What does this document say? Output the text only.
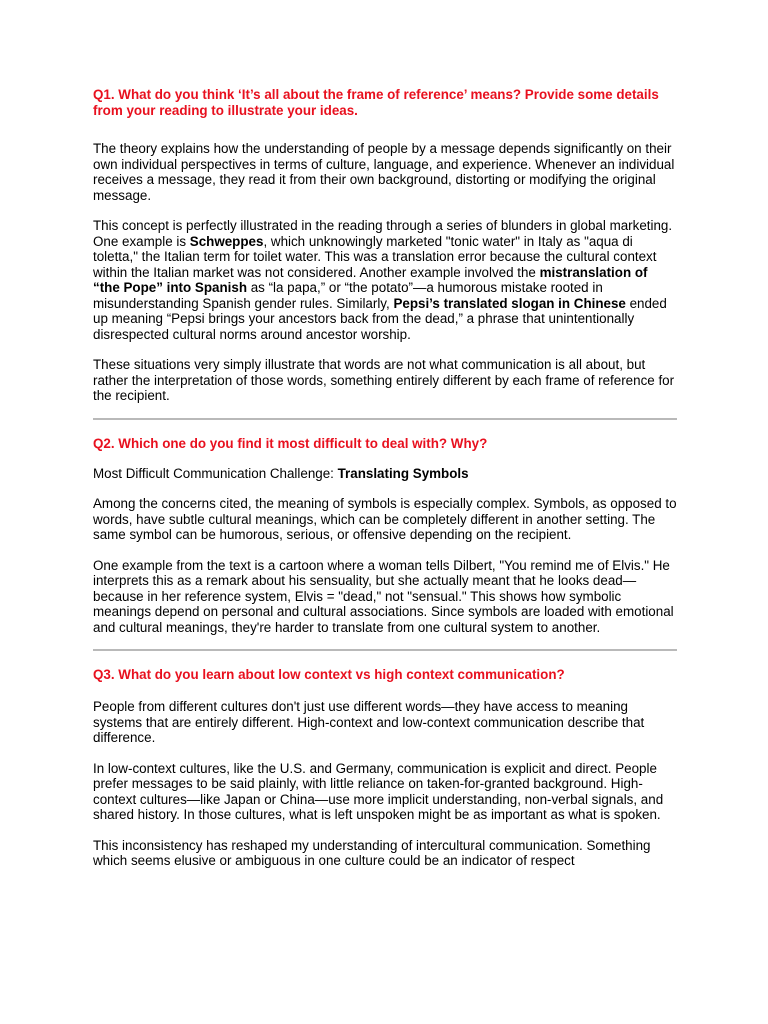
Q1. What do you think ‘It’s all about the frame of reference’ means? Provide some details from your reading to illustrate your ideas.

The theory explains how the understanding of people by a message depends significantly on their own individual perspectives in terms of culture, language, and experience. Whenever an individual receives a message, they read it from their own background, distorting or modifying the original message.

This concept is perfectly illustrated in the reading through a series of blunders in global marketing. One example is Schweppes, which unknowingly marketed "tonic water" in Italy as "aqua di toletta," the Italian term for toilet water. This was a translation error because the cultural context within the Italian market was not considered. Another example involved the mistranslation of “the Pope” into Spanish as “la papa,” or “the potato”—a humorous mistake rooted in misunderstanding Spanish gender rules. Similarly, Pepsi’s translated slogan in Chinese ended up meaning “Pepsi brings your ancestors back from the dead,” a phrase that unintentionally disrespected cultural norms around ancestor worship.

These situations very simply illustrate that words are not what communication is all about, but rather the interpretation of those words, something entirely different by each frame of reference for the recipient.

Q2. Which one do you find it most difficult to deal with? Why?

Most Difficult Communication Challenge: Translating Symbols

Among the concerns cited, the meaning of symbols is especially complex. Symbols, as opposed to words, have subtle cultural meanings, which can be completely different in another setting. The same symbol can be humorous, serious, or offensive depending on the recipient.

One example from the text is a cartoon where a woman tells Dilbert, "You remind me of Elvis." He interprets this as a remark about his sensuality, but she actually meant that he looks dead—because in her reference system, Elvis = "dead," not "sensual." This shows how symbolic meanings depend on personal and cultural associations. Since symbols are loaded with emotional and cultural meanings, they're harder to translate from one cultural system to another.

Q3. What do you learn about low context vs high context communication?

People from different cultures don't just use different words—they have access to meaning systems that are entirely different. High-context and low-context communication describe that difference.

In low-context cultures, like the U.S. and Germany, communication is explicit and direct. People prefer messages to be said plainly, with little reliance on taken-for-granted background. High-context cultures—like Japan or China—use more implicit understanding, non-verbal signals, and shared history. In those cultures, what is left unspoken might be as important as what is spoken.

This inconsistency has reshaped my understanding of intercultural communication. Something which seems elusive or ambiguous in one culture could be an indicator of respect
